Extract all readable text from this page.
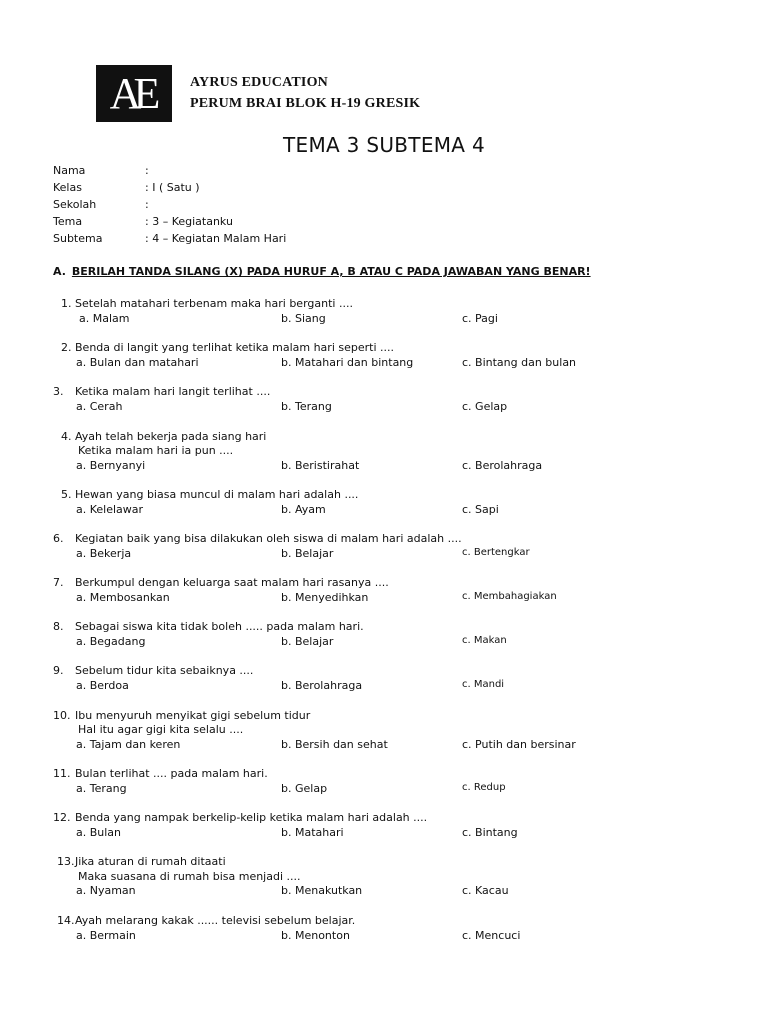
AE	AYRUS EDUCATION
PERUM BRAI BLOK H-19 GRESIK
TEMA 3 SUBTEMA 4
Nama	:
Kelas	: I ( Satu )
Sekolah	:
Tema	: 3 – Kegiatanku
Subtema	: 4 – Kegiatan Malam Hari
A. BERILAH TANDA SILANG (X) PADA HURUF A, B ATAU C PADA JAWABAN YANG BENAR!
1. Setelah matahari terbenam maka hari berganti ....
a. Malam	b. Siang	c. Pagi
2. Benda di langit yang terlihat ketika malam hari seperti ....
a. Bulan dan matahari	b. Matahari dan bintang	c. Bintang dan bulan
3. Ketika malam hari langit terlihat ....
a. Cerah	b. Terang	c. Gelap
4. Ayah telah bekerja pada siang hari
Ketika malam hari ia pun ....
a. Bernyanyi	b. Beristirahat	c. Berolahraga
5. Hewan yang biasa muncul di malam hari adalah ....
a. Kelelawar	b. Ayam	c. Sapi
6. Kegiatan baik yang bisa dilakukan oleh siswa di malam hari adalah ....
a. Bekerja	b. Belajar	c. Bertengkar
7. Berkumpul dengan keluarga saat malam hari rasanya ....
a. Membosankan	b. Menyedihkan	c. Membahagiakan
8. Sebagai siswa kita tidak boleh ..... pada malam hari.
a. Begadang	b. Belajar	c. Makan
9. Sebelum tidur kita sebaiknya ....
a. Berdoa	b. Berolahraga	c. Mandi
10. Ibu menyuruh menyikat gigi sebelum tidur
Hal itu agar gigi kita selalu ....
a. Tajam dan keren	b. Bersih dan sehat	c. Putih dan bersinar
11. Bulan terlihat .... pada malam hari.
a. Terang	b. Gelap	c. Redup
12. Benda yang nampak berkelip-kelip ketika malam hari adalah ....
a. Bulan	b. Matahari	c. Bintang
13. Jika aturan di rumah ditaati
Maka suasana di rumah bisa menjadi ....
a. Nyaman	b. Menakutkan	c. Kacau
14. Ayah melarang kakak ...... televisi sebelum belajar.
a. Bermain	b. Menonton	c. Mencuci
